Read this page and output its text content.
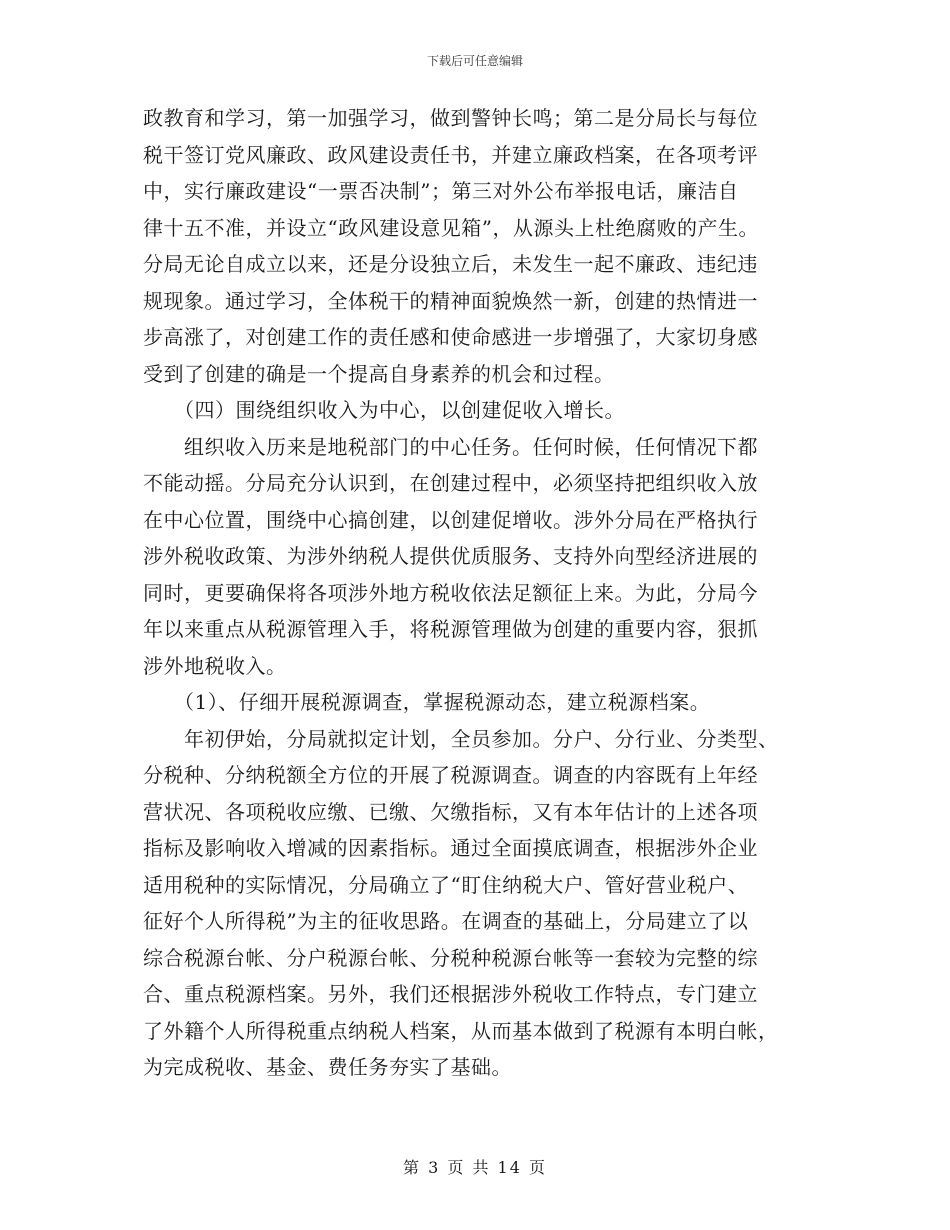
下载后可任意编辑
政教育和学习，第一加强学习，做到警钟长鸣；第二是分局长与每位
税干签订党风廉政、政风建设责任书，并建立廉政档案，在各项考评
中，实行廉政建设“一票否决制”；第三对外公布举报电话，廉洁自
律十五不准，并设立“政风建设意见箱”，从源头上杜绝腐败的产生。
分局无论自成立以来，还是分设独立后，未发生一起不廉政、违纪违
规现象。通过学习，全体税干的精神面貌焕然一新，创建的热情进一
步高涨了，对创建工作的责任感和使命感进一步增强了，大家切身感
受到了创建的确是一个提高自身素养的机会和过程。
　　（四）围绕组织收入为中心，以创建促收入增长。
　　组织收入历来是地税部门的中心任务。任何时候，任何情况下都
不能动摇。分局充分认识到，在创建过程中，必须坚持把组织收入放
在中心位置，围绕中心搞创建，以创建促增收。涉外分局在严格执行
涉外税收政策、为涉外纳税人提供优质服务、支持外向型经济进展的
同时，更要确保将各项涉外地方税收依法足额征上来。为此，分局今
年以来重点从税源管理入手，将税源管理做为创建的重要内容，狠抓
涉外地税收入。
　　（1）、仔细开展税源调查，掌握税源动态，建立税源档案。
　　年初伊始，分局就拟定计划，全员参加。分户、分行业、分类型、
分税种、分纳税额全方位的开展了税源调查。调查的内容既有上年经
营状况、各项税收应缴、已缴、欠缴指标，又有本年估计的上述各项
指标及影响收入增减的因素指标。通过全面摸底调查，根据涉外企业
适用税种的实际情况，分局确立了“盯住纳税大户、管好营业税户、
征好个人所得税”为主的征收思路。在调查的基础上，分局建立了以
综合税源台帐、分户税源台帐、分税种税源台帐等一套较为完整的综
合、重点税源档案。另外，我们还根据涉外税收工作特点，专门建立
了外籍个人所得税重点纳税人档案，从而基本做到了税源有本明白帐，
为完成税收、基金、费任务夯实了基础。
第 3 页 共 14 页
